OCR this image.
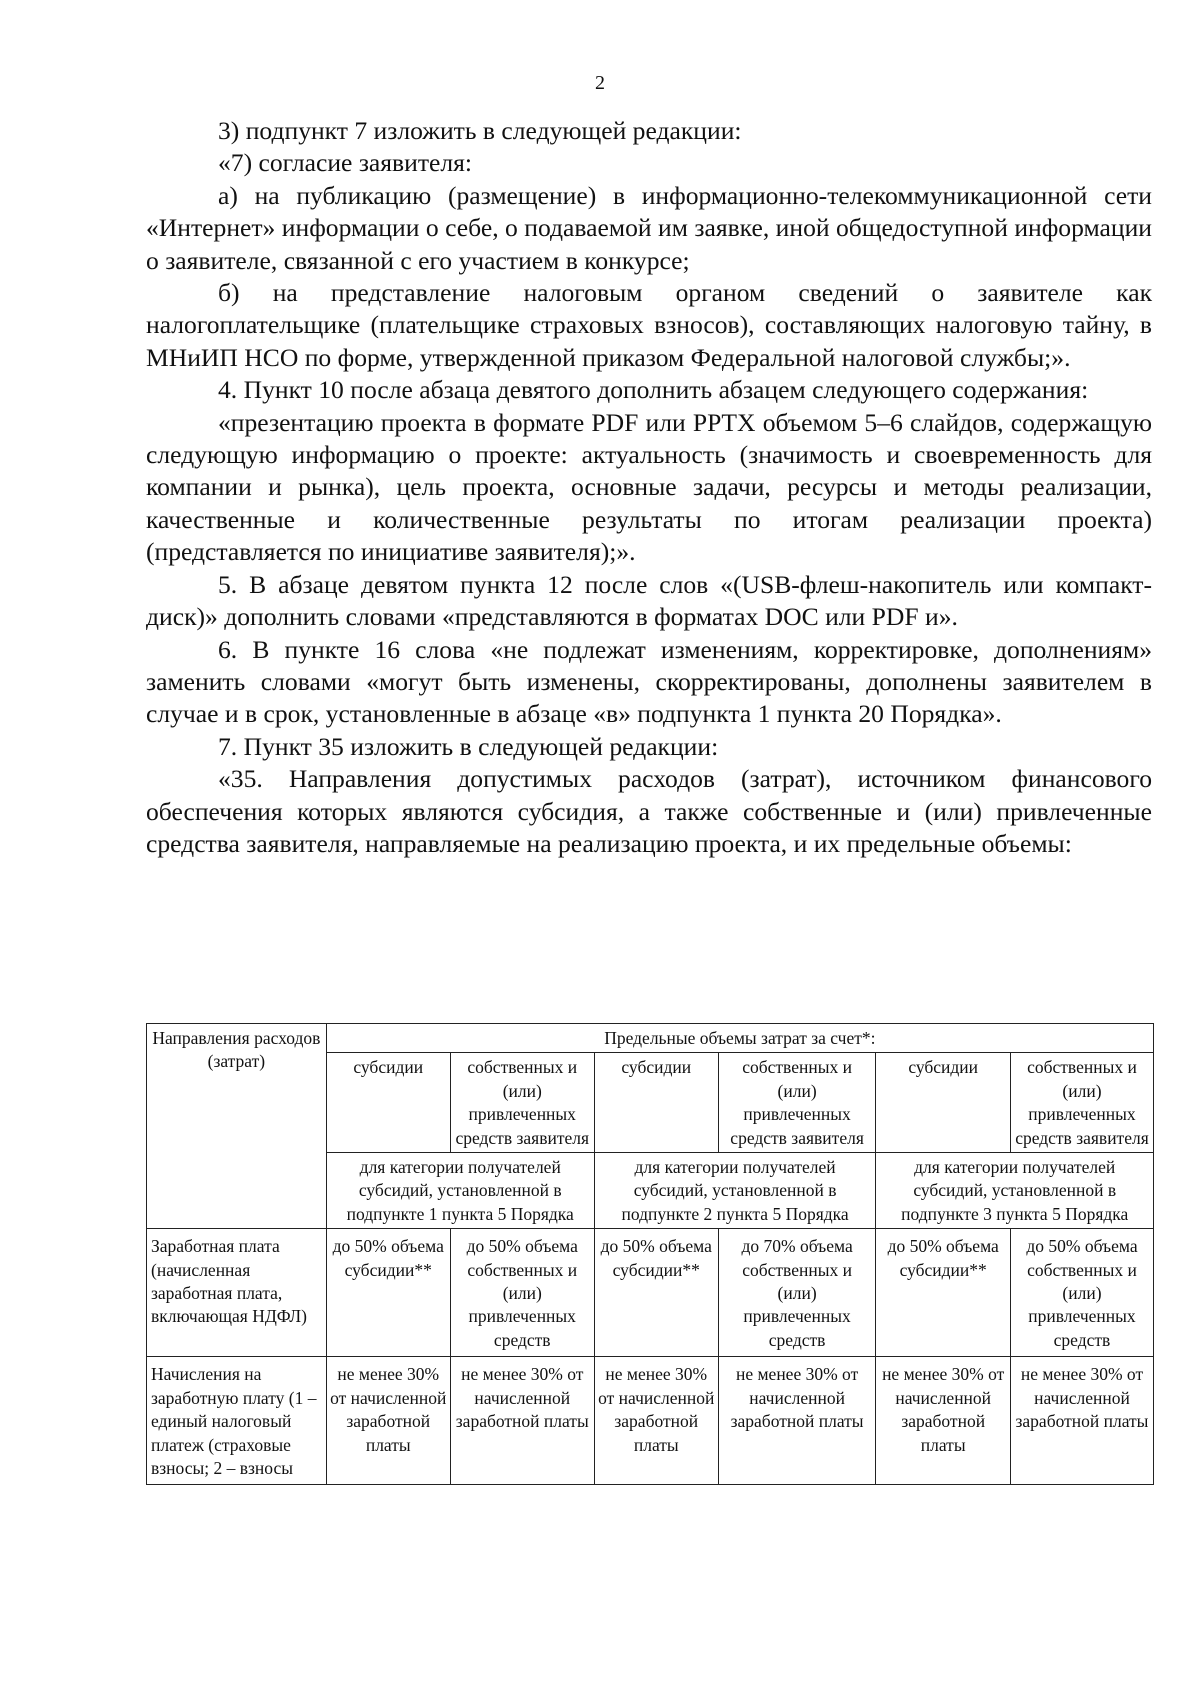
2

3) подпункт 7 изложить в следующей редакции:

«7) согласие заявителя:

а) на публикацию (размещение) в информационно-телекоммуникационной сети «Интернет» информации о себе, о подаваемой им заявке, иной общедоступной информации о заявителе, связанной с его участием в конкурсе;

б) на представление налоговым органом сведений о заявителе как налогоплательщике (плательщике страховых взносов), составляющих налоговую тайну, в МНиИП НСО по форме, утвержденной приказом Федеральной налоговой службы;».

4. Пункт 10 после абзаца девятого дополнить абзацем следующего содержания:

«презентацию проекта в формате PDF или PPTX объемом 5–6 слайдов, содержащую следующую информацию о проекте: актуальность (значимость и своевременность для компании и рынка), цель проекта, основные задачи, ресурсы и методы реализации, качественные и количественные результаты по итогам реализации проекта) (представляется по инициативе заявителя);».

5. В абзаце девятом пункта 12 после слов «(USB-флеш-накопитель или компакт-диск)» дополнить словами «представляются в форматах DOC или PDF и».

6. В пункте 16 слова «не подлежат изменениям, корректировке, дополнениям» заменить словами «могут быть изменены, скорректированы, дополнены заявителем в случае и в срок, установленные в абзаце «в» подпункта 1 пункта 20 Порядка».

7. Пункт 35 изложить в следующей редакции:

«35. Направления допустимых расходов (затрат), источником финансового обеспечения которых являются субсидия, а также собственные и (или) привлеченные средства заявителя, направляемые на реализацию проекта, и их предельные объемы:

Направления расходов (затрат)	Предельные объемы затрат за счет*:					
	субсидии	собственных и (или) привлеченных средств заявителя	субсидии	собственных и (или) привлеченных средств заявителя	субсидии	собственных и (или) привлеченных средств заявителя
	для категории получателей субсидий, установленной в подпункте 1 пункта 5 Порядка		для категории получателей субсидий, установленной в подпункте 2 пункта 5 Порядка		для категории получателей субсидий, установленной в подпункте 3 пункта 5 Порядка	
Заработная плата (начисленная заработная плата, включающая НДФЛ)	до 50% объема субсидии**	до 50% объема собственных и (или) привлеченных средств	до 50% объема субсидии**	до 70% объема собственных и (или) привлеченных средств	до 50% объема субсидии**	до 50% объема собственных и (или) привлеченных средств
Начисления на заработную плату (1 – единый налоговый платеж (страховые взносы; 2 – взносы	не менее 30% от начисленной заработной платы	не менее 30% от начисленной заработной платы	не менее 30% от начисленной заработной платы	не менее 30% от начисленной заработной платы	не менее 30% от начисленной заработной платы	не менее 30% от начисленной заработной платы
